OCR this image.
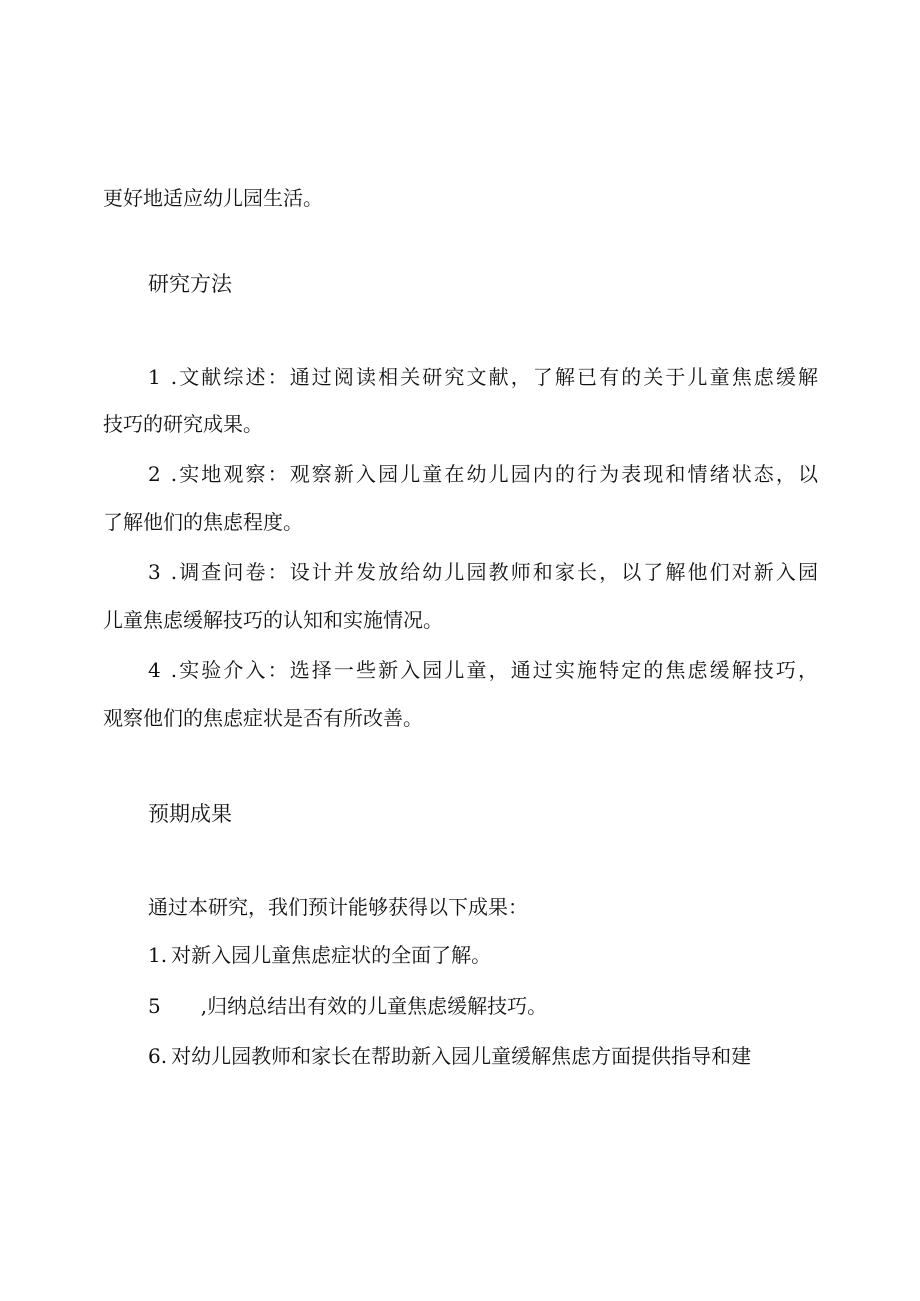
更好地适应幼儿园生活。

研究方法

1 .文献综述：通过阅读相关研究文献，了解已有的关于儿童焦虑缓解

技巧的研究成果。

2 .实地观察：观察新入园儿童在幼儿园内的行为表现和情绪状态，以

了解他们的焦虑程度。

3 .调查问卷：设计并发放给幼儿园教师和家长，以了解他们对新入园

儿童焦虑缓解技巧的认知和实施情况。

4 .实验介入：选择一些新入园儿童，通过实施特定的焦虑缓解技巧，

观察他们的焦虑症状是否有所改善。

预期成果

通过本研究，我们预计能够获得以下成果：

1. 对新入园儿童焦虑症状的全面了解。

5 ,归纳总结出有效的儿童焦虑缓解技巧。

6. 对幼儿园教师和家长在帮助新入园儿童缓解焦虑方面提供指导和建
